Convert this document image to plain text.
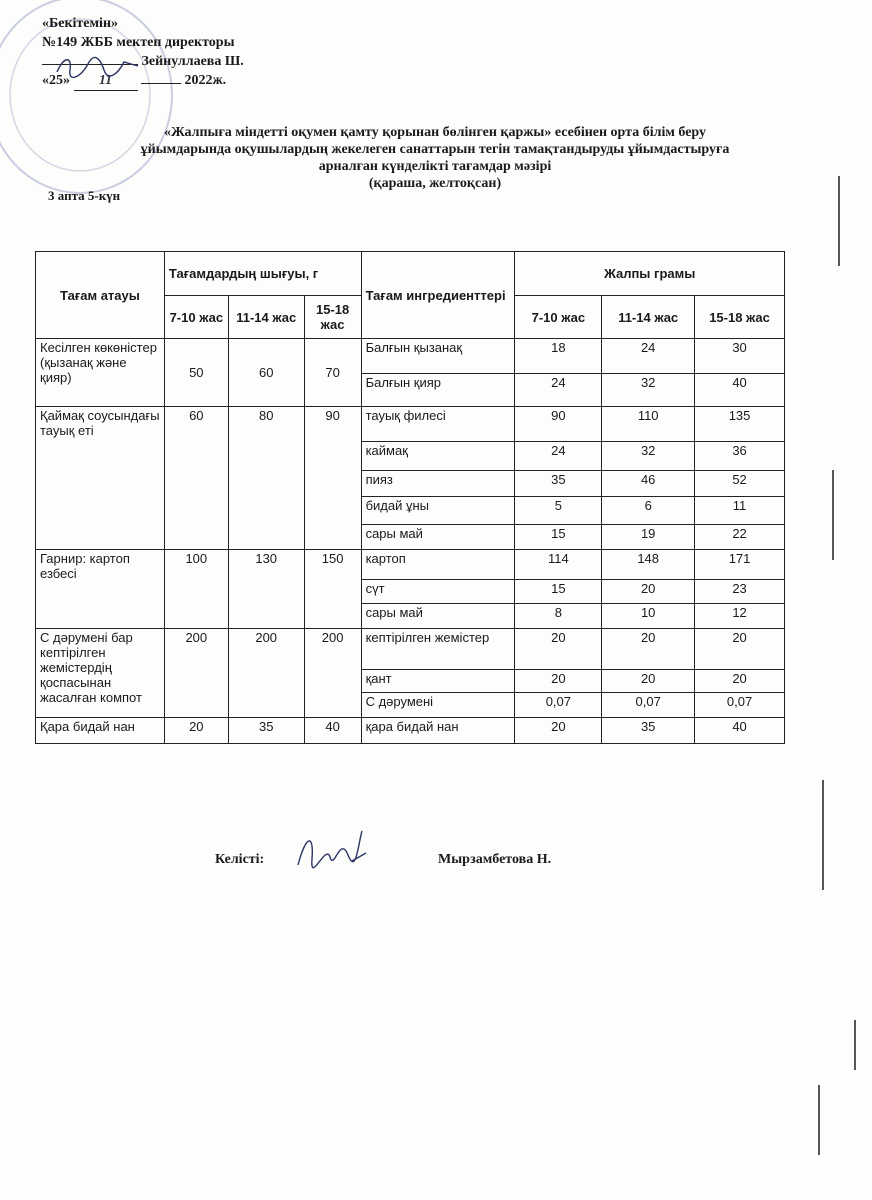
«Бекітемін»
№149 ЖББ мектеп директоры
Зейнуллаева Ш.
«25» 11	2022ж.
«Жалпыға міндетті оқумен қамту қорынан бөлінген қаржы» есебінен орта білім беру
ұйымдарында оқушылардың жекелеген санаттарын тегін тамақтандыруды ұйымдастыруға
арналған күнделікті тағамдар мәзірі
(қараша, желтоқсан)
3 апта 5-күн
Тағам атауы	Тағамдардың шығуы, г			Тағам ингредиенттері	Жалпы грамы		
	7-10 жас	11-14 жас	15-18 жас		7-10 жас	11-14 жас	15-18 жас
Кесілген көкөністер (қызанақ және қияр)	50	60	70	Балғын қызанақ	18	24	30
				Балғын қияр	24	32	40
Қаймақ соусындағы тауық еті	60	80	90	тауық филесі	90	110	135
				каймақ	24	32	36
				пияз	35	46	52
				бидай ұны	5	6	11
				сары май	15	19	22
Гарнир: картоп езбесі	100	130	150	картоп	114	148	171
				сүт	15	20	23
				сары май	8	10	12
С дәрумені бар кептірілген жемістердің қоспасынан жасалған компот	200	200	200	кептірілген жемістер	20	20	20
				қант	20	20	20
				С дәрумені	0,07	0,07	0,07
Қара бидай нан	20	35	40	қара бидай нан	20	35	40
Келісті:	Мырзамбетова Н.
